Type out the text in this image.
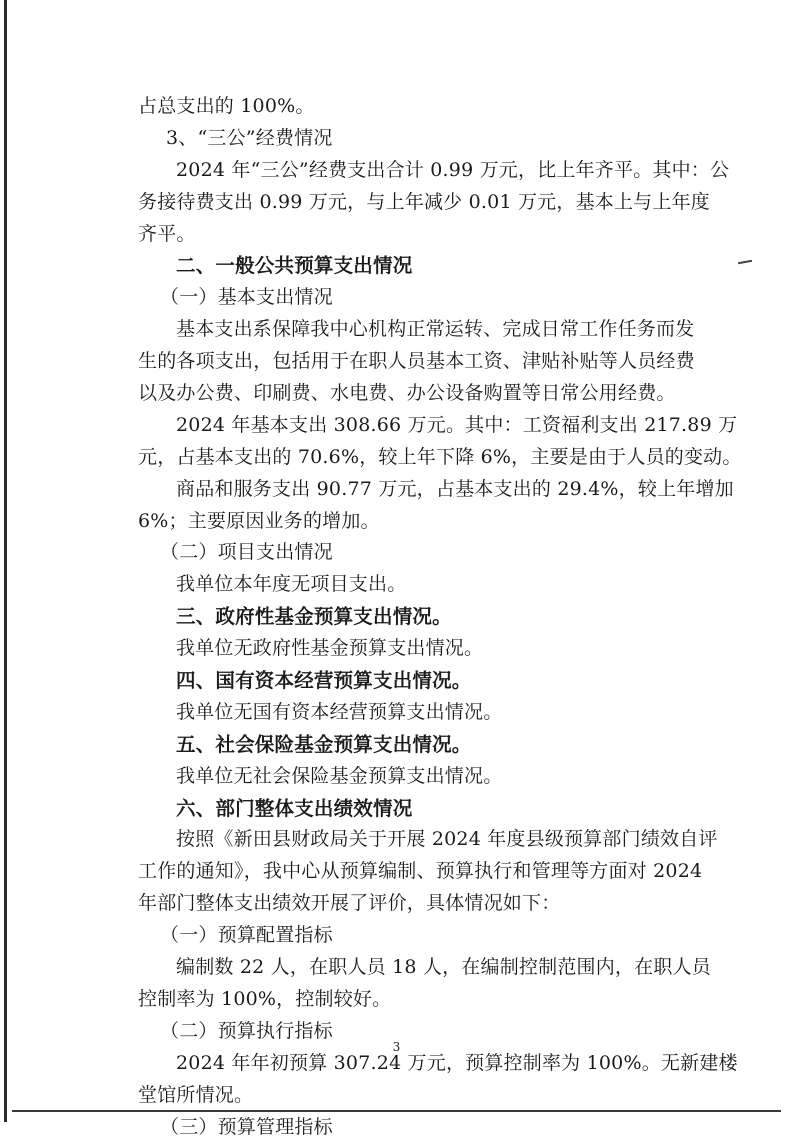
占总支出的 100%。
3、“三公”经费情况
2024 年“三公”经费支出合计 0.99 万元，比上年齐平。其中：公
务接待费支出 0.99 万元，与上年减少 0.01 万元，基本上与上年度
齐平。
二、一般公共预算支出情况
（一）基本支出情况
基本支出系保障我中心机构正常运转、完成日常工作任务而发
生的各项支出，包括用于在职人员基本工资、津贴补贴等人员经费
以及办公费、印刷费、水电费、办公设备购置等日常公用经费。
2024 年基本支出 308.66 万元。其中：工资福利支出 217.89 万
元，占基本支出的 70.6%，较上年下降 6%，主要是由于人员的变动。
商品和服务支出 90.77 万元，占基本支出的 29.4%，较上年增加
6%；主要原因业务的增加。
（二）项目支出情况
我单位本年度无项目支出。
三、政府性基金预算支出情况。
我单位无政府性基金预算支出情况。
四、国有资本经营预算支出情况。
我单位无国有资本经营预算支出情况。
五、社会保险基金预算支出情况。
我单位无社会保险基金预算支出情况。
六、部门整体支出绩效情况
按照《新田县财政局关于开展 2024 年度县级预算部门绩效自评
工作的通知》，我中心从预算编制、预算执行和管理等方面对 2024
年部门整体支出绩效开展了评价，具体情况如下：
（一）预算配置指标
编制数 22 人，在职人员 18 人，在编制控制范围内，在职人员
控制率为 100%，控制较好。
（二）预算执行指标
2024 年年初预算 307.24 万元，预算控制率为 100%。无新建楼
堂馆所情况。
（三）预算管理指标
3
